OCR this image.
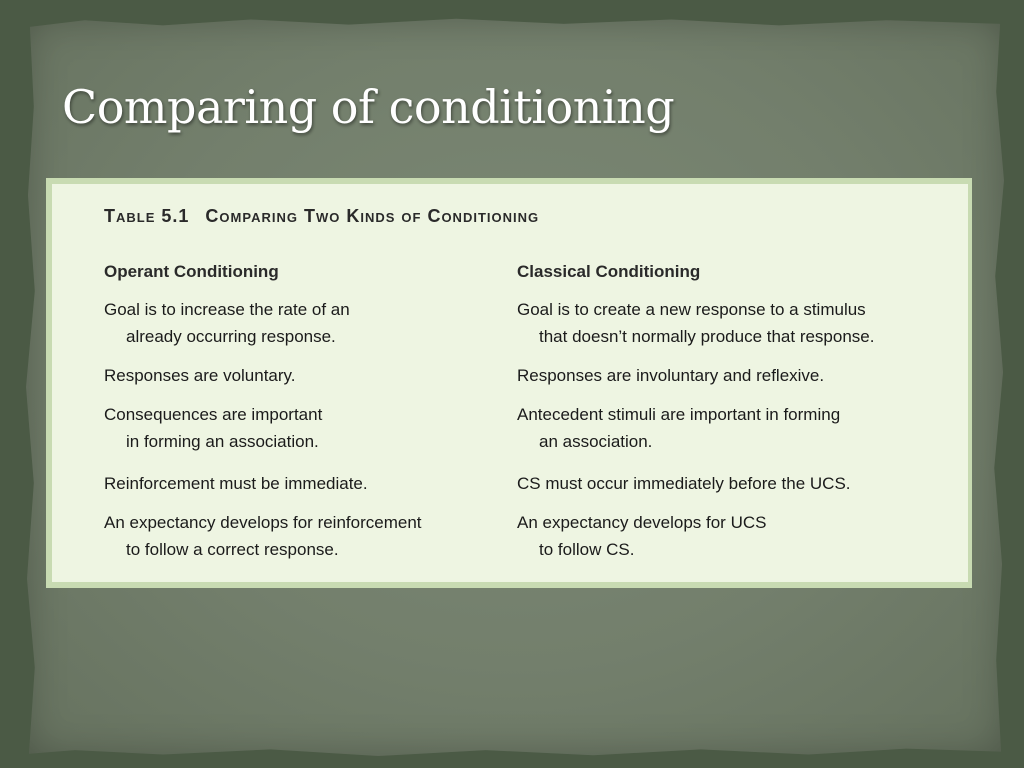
Comparing of conditioning
Table 5.1 Comparing Two Kinds of Conditioning
Operant Conditioning
Goal is to increase the rate of an
already occurring response.
Responses are voluntary.
Consequences are important
in forming an association.
Reinforcement must be immediate.
An expectancy develops for reinforcement
to follow a correct response.
Classical Conditioning
Goal is to create a new response to a stimulus
that doesn’t normally produce that response.
Responses are involuntary and reflexive.
Antecedent stimuli are important in forming
an association.
CS must occur immediately before the UCS.
An expectancy develops for UCS
to follow CS.
